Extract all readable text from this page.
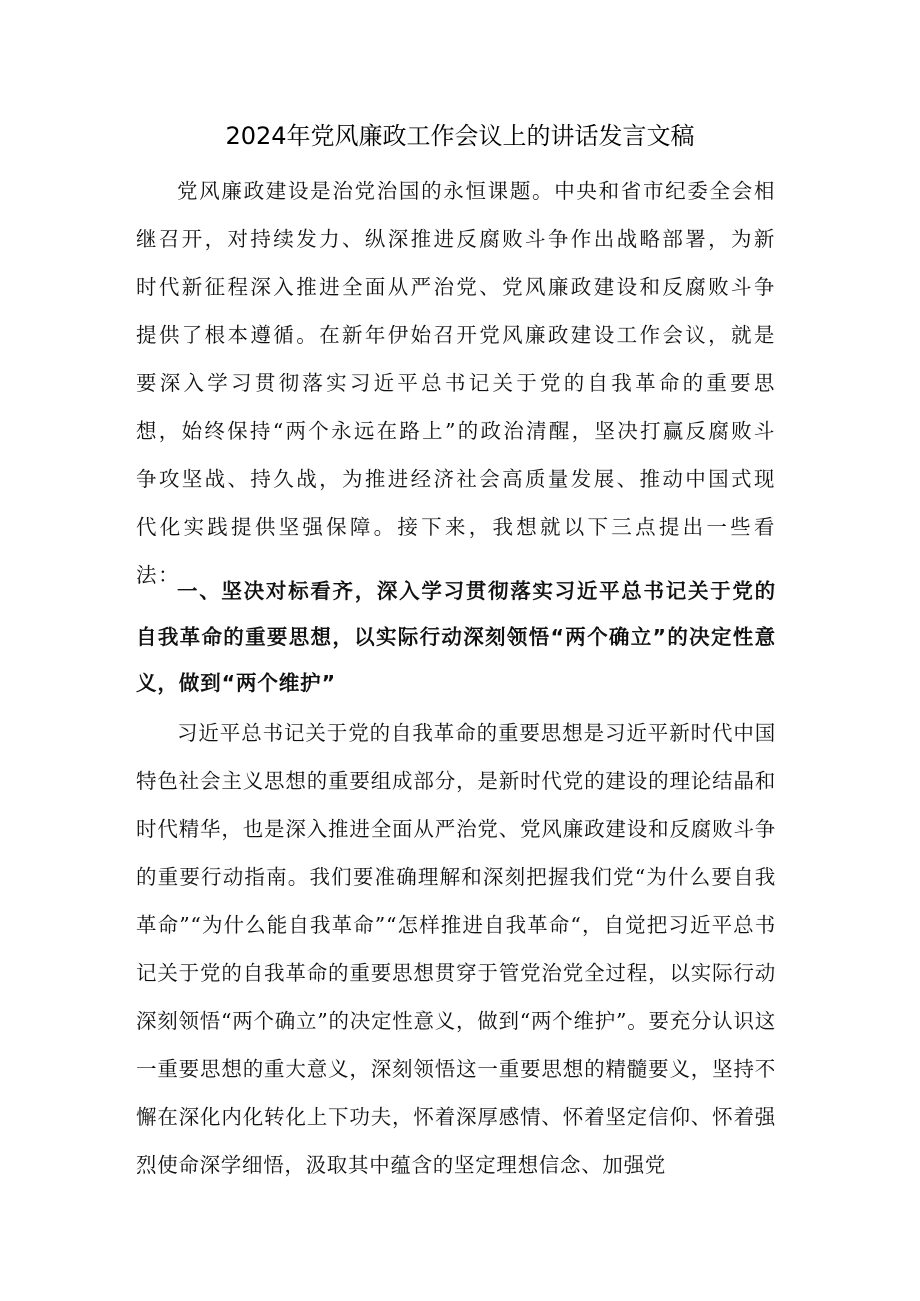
2024年党风廉政工作会议上的讲话发言文稿

党风廉政建设是治党治国的永恒课题。中央和省市纪委全会相继召开，对持续发力、纵深推进反腐败斗争作出战略部署，为新时代新征程深入推进全面从严治党、党风廉政建设和反腐败斗争提供了根本遵循。在新年伊始召开党风廉政建设工作会议，就是要深入学习贯彻落实习近平总书记关于党的自我革命的重要思想，始终保持“两个永远在路上”的政治清醒，坚决打赢反腐败斗争攻坚战、持久战，为推进经济社会高质量发展、推动中国式现代化实践提供坚强保障。接下来，我想就以下三点提出一些看法：

一、坚决对标看齐，深入学习贯彻落实习近平总书记关于党的自我革命的重要思想，以实际行动深刻领悟“两个确立”的决定性意义，做到“两个维护”

习近平总书记关于党的自我革命的重要思想是习近平新时代中国特色社会主义思想的重要组成部分，是新时代党的建设的理论结晶和时代精华，也是深入推进全面从严治党、党风廉政建设和反腐败斗争的重要行动指南。我们要准确理解和深刻把握我们党“为什么要自我革命”“为什么能自我革命”“怎样推进自我革命“，自觉把习近平总书记关于党的自我革命的重要思想贯穿于管党治党全过程，以实际行动深刻领悟“两个确立”的决定性意义，做到“两个维护”。要充分认识这一重要思想的重大意义，深刻领悟这一重要思想的精髓要义，坚持不懈在深化内化转化上下功夫，怀着深厚感情、怀着坚定信仰、怀着强烈使命深学细悟，汲取其中蕴含的坚定理想信念、加强党
